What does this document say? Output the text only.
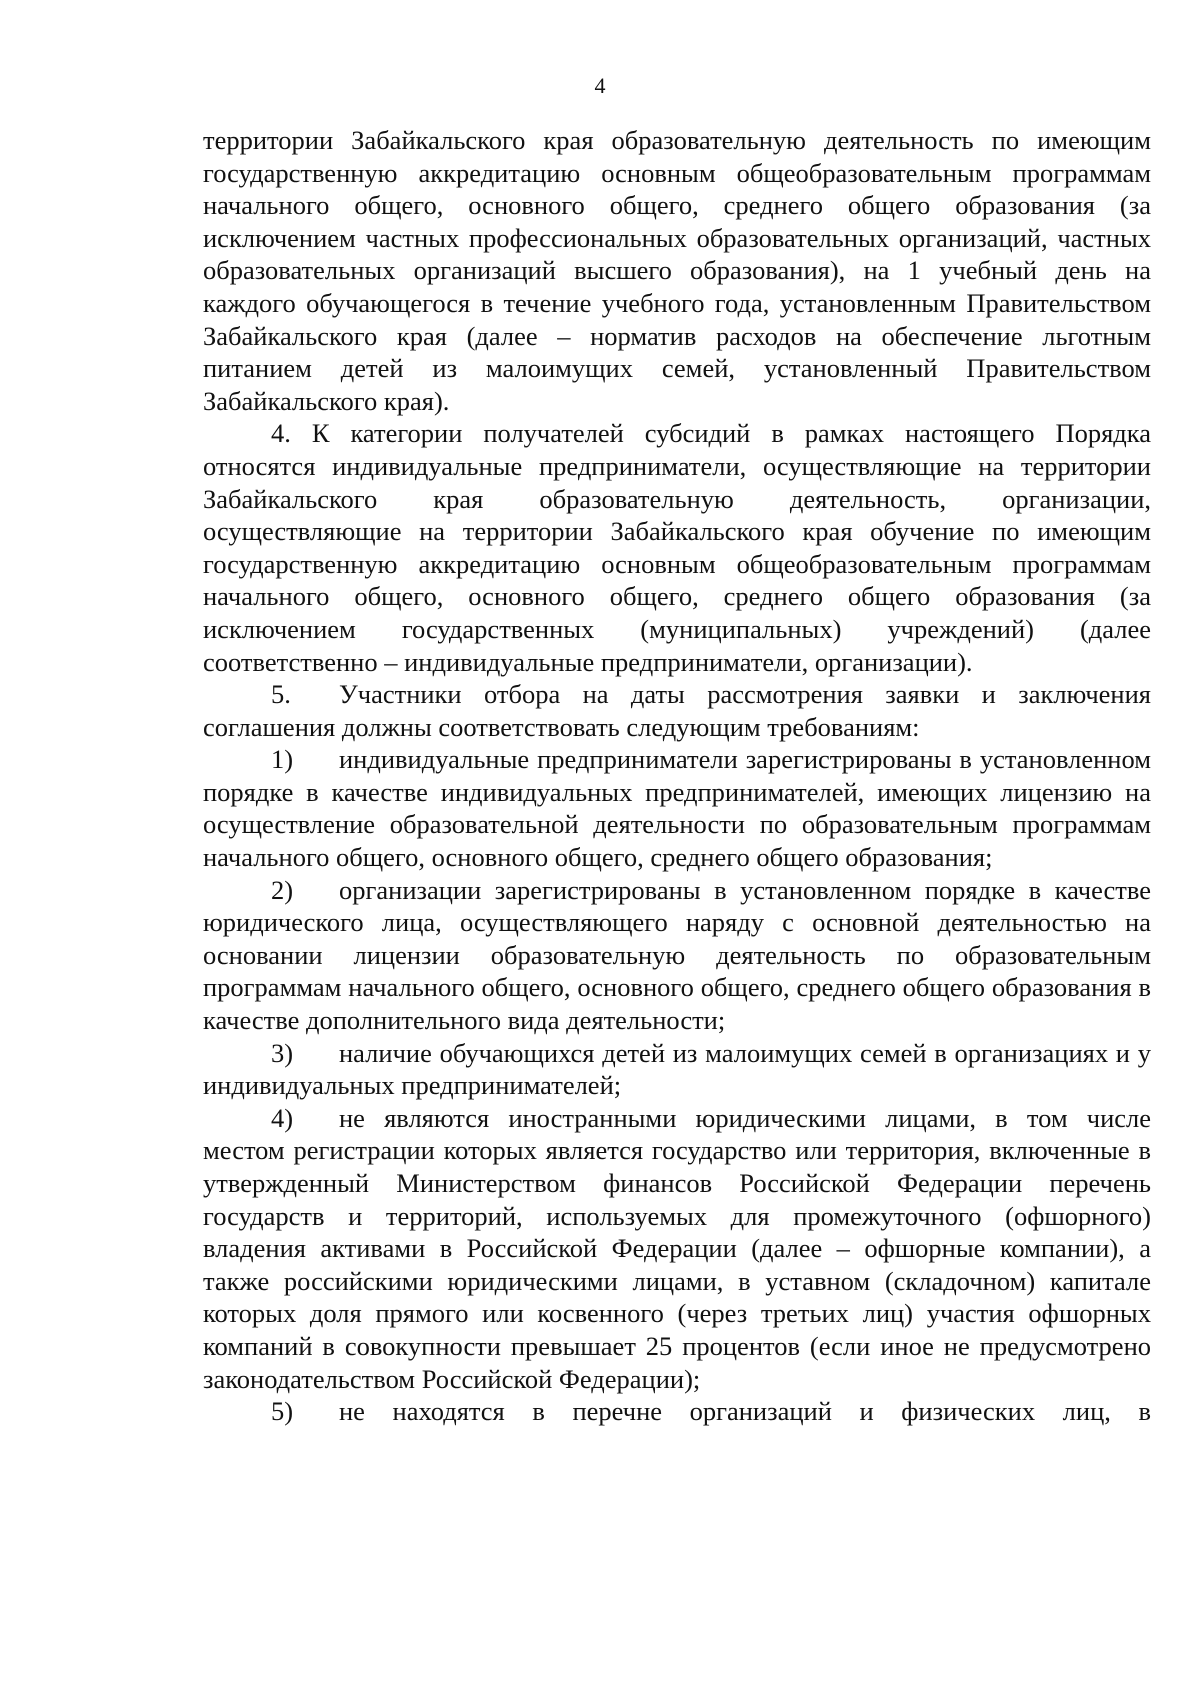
4

территории Забайкальского края образовательную деятельность по имеющим государственную аккредитацию основным общеобразовательным программам начального общего, основного общего, среднего общего образования (за исключением частных профессиональных образовательных организаций, частных образовательных организаций высшего образования), на 1 учебный день на каждого обучающегося в течение учебного года, установленным Правительством Забайкальского края (далее – норматив расходов на обеспечение льготным питанием детей из малоимущих семей, установленный Правительством Забайкальского края).

4. К категории получателей субсидий в рамках настоящего Порядка относятся индивидуальные предприниматели, осуществляющие на территории Забайкальского края образовательную деятельность, организации, осуществляющие на территории Забайкальского края обучение по имеющим государственную аккредитацию основным общеобразовательным программам начального общего, основного общего, среднего общего образования (за исключением государственных (муниципальных) учреждений) (далее соответственно – индивидуальные предприниматели, организации).

5. Участники отбора на даты рассмотрения заявки и заключения соглашения должны соответствовать следующим требованиям:

1) индивидуальные предприниматели зарегистрированы в установленном порядке в качестве индивидуальных предпринимателей, имеющих лицензию на осуществление образовательной деятельности по образовательным программам начального общего, основного общего, среднего общего образования;

2) организации зарегистрированы в установленном порядке в качестве юридического лица, осуществляющего наряду с основной деятельностью на основании лицензии образовательную деятельность по образовательным программам начального общего, основного общего, среднего общего образования в качестве дополнительного вида деятельности;

3) наличие обучающихся детей из малоимущих семей в организациях и у индивидуальных предпринимателей;

4) не являются иностранными юридическими лицами, в том числе местом регистрации которых является государство или территория, включенные в утвержденный Министерством финансов Российской Федерации перечень государств и территорий, используемых для промежуточного (офшорного) владения активами в Российской Федерации (далее – офшорные компании), а также российскими юридическими лицами, в уставном (складочном) капитале которых доля прямого или косвенного (через третьих лиц) участия офшорных компаний в совокупности превышает 25 процентов (если иное не предусмотрено законодательством Российской Федерации);

5) не находятся в перечне организаций и физических лиц, в
